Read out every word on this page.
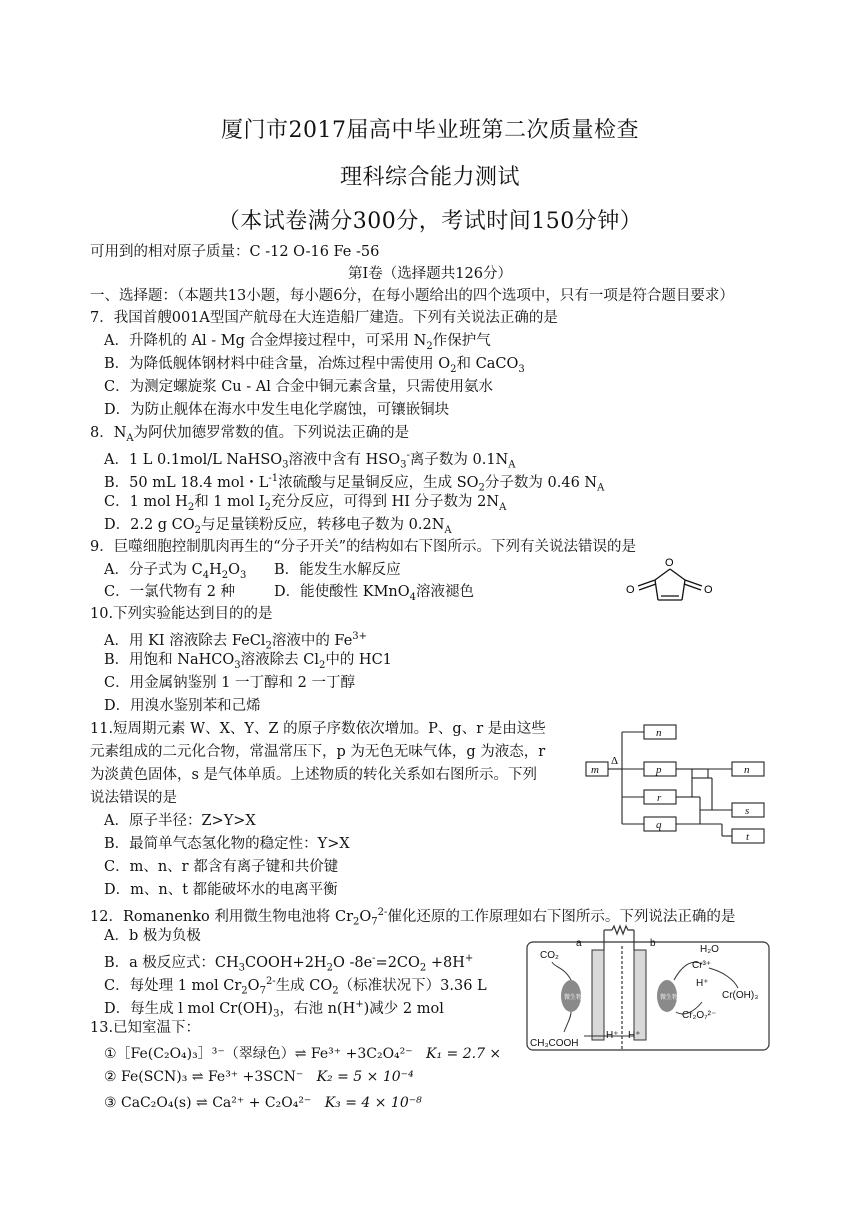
厦门市2017届高中毕业班第二次质量检查
理科综合能力测试
（本试卷满分300分，考试时间150分钟）
可用到的相对原子质量：C -12 O-16 Fe -56
第Ⅰ卷（选择题共126分）
一、选择题：（本题共13小题，每小题6分，在每小题给出的四个选项中，只有一项是符合题目要求）
7．我国首艘001A型国产航母在大连造船厂建造。下列有关说法正确的是
A．升降机的 Al - Mg 合金焊接过程中，可采用 $N_2$作保护气
B．为降低舰体钢材料中硅含量，冶炼过程中需使用 $O_2$和 CaCO$_3$
C．为测定螺旋浆 Cu - Al 合金中铜元素含量，只需使用氨水
D．为防止舰体在海水中发生电化学腐蚀，可镶嵌铜块
8．$N_A$为阿伏加德罗常数的值。下列说法正确的是
A．1 L 0.1mol/L NaHSO$_3$溶液中含有 $HSO_3^-$离子数为 $0.1N_A$
B．50 mL 18.4 mol・$L^{-1}$浓硫酸与足量铜反应，生成 $SO_2$分子数为 0.46 $N_A$
C．1 mol $H_2$和 1 mol $I_2$充分反应，可得到 HI 分子数为 $2N_A$
D．2.2 g $CO_2$与足量镁粉反应，转移电子数为 $0.2N_A$
9．巨噬细胞控制肌肉再生的“分子开关”的结构如右下图所示。下列有关说法错误的是
A．分子式为 $C_4H_2O_3$ B．能发生水解反应
C．一氯代物有 2 种	D．能使酸性 KMnO$_4$溶液褪色
O
O	O
10.下列实验能达到目的的是
A．用 KI 溶液除去 FeCl$_2$溶液中的 $Fe^{3+}$
B．用饱和 NaHCO$_3$溶液除去 $Cl_2$中的 HC1
C．用金属钠鉴别 1 一丁醇和 2 一丁醇
D．用溴水鉴别苯和己烯
11.短周期元素 W、X、Y、Z 的原子序数依次增加。P、g、r 是由这些
元素组成的二元化合物，常温常压下，p 为无色无味气体，g 为液态，r
为淡黄色固体，s 是气体单质。上述物质的转化关系如右图所示。下列
说法错误的是
A．原子半径：Z>Y>X
B．最简单气态氢化物的稳定性：Y>X
C．m、n、r 都含有离子键和共价键
D．m、n、t 都能破坏水的电离平衡
m
Δ
n
p
r
q
n
s
t
12．Romanenko 利用微生物电池将 $Cr_2O_7^{2-}$催化还原的工作原理如右下图所示。下列说法正确的是
A．b 极为负极
B．a 极反应式：$CH_3COOH+2H_2O$ $-8e^-=2CO_2 +8H^+$
C．每处理 1 mol $Cr_2O_7^{2-}$生成 $CO_2$（标准状况下）3.36 L
D．每生成 l mol $Cr(OH)_3$，右池 n(H+)减少 2 mol
a	b
CO₂
H₂O
Cr³⁺
Cr(OH)₃
H⁺
Cr₂O₇²⁻
CH₃COOH
H⁺ H⁺
微生物	微生物
13.已知室温下：
①［Fe(C₂O₄)₃］³⁻（翠绿色）⇌ Fe³⁺ +3C₂O₄²⁻ K₁ = 2.7 ×
② Fe(SCN)₃ ⇌ Fe³⁺ +3SCN⁻ K₂ = 5 × 10⁻⁴
③ CaC₂O₄(s) ⇌ Ca²⁺ + C₂O₄²⁻ K₃ = 4 × 10⁻⁸
